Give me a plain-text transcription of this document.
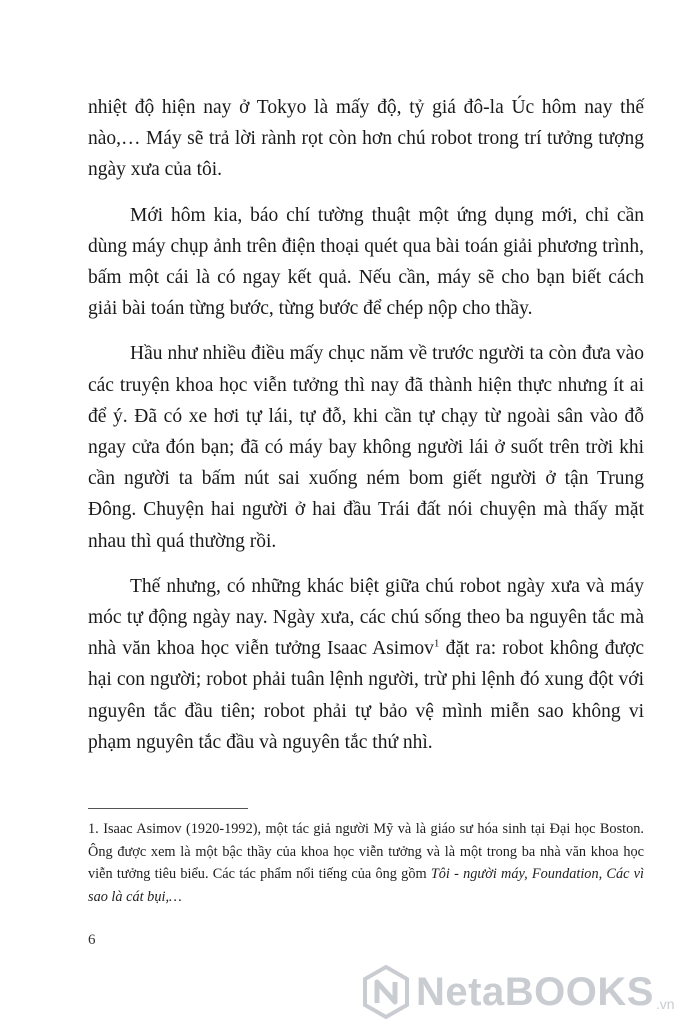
nhiệt độ hiện nay ở Tokyo là mấy độ, tỷ giá đô-la Úc hôm nay thế nào,… Máy sẽ trả lời rành rọt còn hơn chú robot trong trí tưởng tượng ngày xưa của tôi.

Mới hôm kia, báo chí tường thuật một ứng dụng mới, chỉ cần dùng máy chụp ảnh trên điện thoại quét qua bài toán giải phương trình, bấm một cái là có ngay kết quả. Nếu cần, máy sẽ cho bạn biết cách giải bài toán từng bước, từng bước để chép nộp cho thầy.

Hầu như nhiều điều mấy chục năm về trước người ta còn đưa vào các truyện khoa học viễn tưởng thì nay đã thành hiện thực nhưng ít ai để ý. Đã có xe hơi tự lái, tự đỗ, khi cần tự chạy từ ngoài sân vào đỗ ngay cửa đón bạn; đã có máy bay không người lái ở suốt trên trời khi cần người ta bấm nút sai xuống ném bom giết người ở tận Trung Đông. Chuyện hai người ở hai đầu Trái đất nói chuyện mà thấy mặt nhau thì quá thường rồi.

Thế nhưng, có những khác biệt giữa chú robot ngày xưa và máy móc tự động ngày nay. Ngày xưa, các chú sống theo ba nguyên tắc mà nhà văn khoa học viễn tưởng Isaac Asimov$^1$ đặt ra: robot không được hại con người; robot phải tuân lệnh người, trừ phi lệnh đó xung đột với nguyên tắc đầu tiên; robot phải tự bảo vệ mình miễn sao không vi phạm nguyên tắc đầu và nguyên tắc thứ nhì.

1. Isaac Asimov (1920-1992), một tác giả người Mỹ và là giáo sư hóa sinh tại Đại học Boston. Ông được xem là một bậc thầy của khoa học viễn tưởng và là một trong ba nhà văn khoa học viễn tưởng tiêu biểu. Các tác phẩm nổi tiếng của ông gồm Tôi - người máy, Foundation, Các vì sao là cát bụi,…
6
NetaBOOKS .vn
